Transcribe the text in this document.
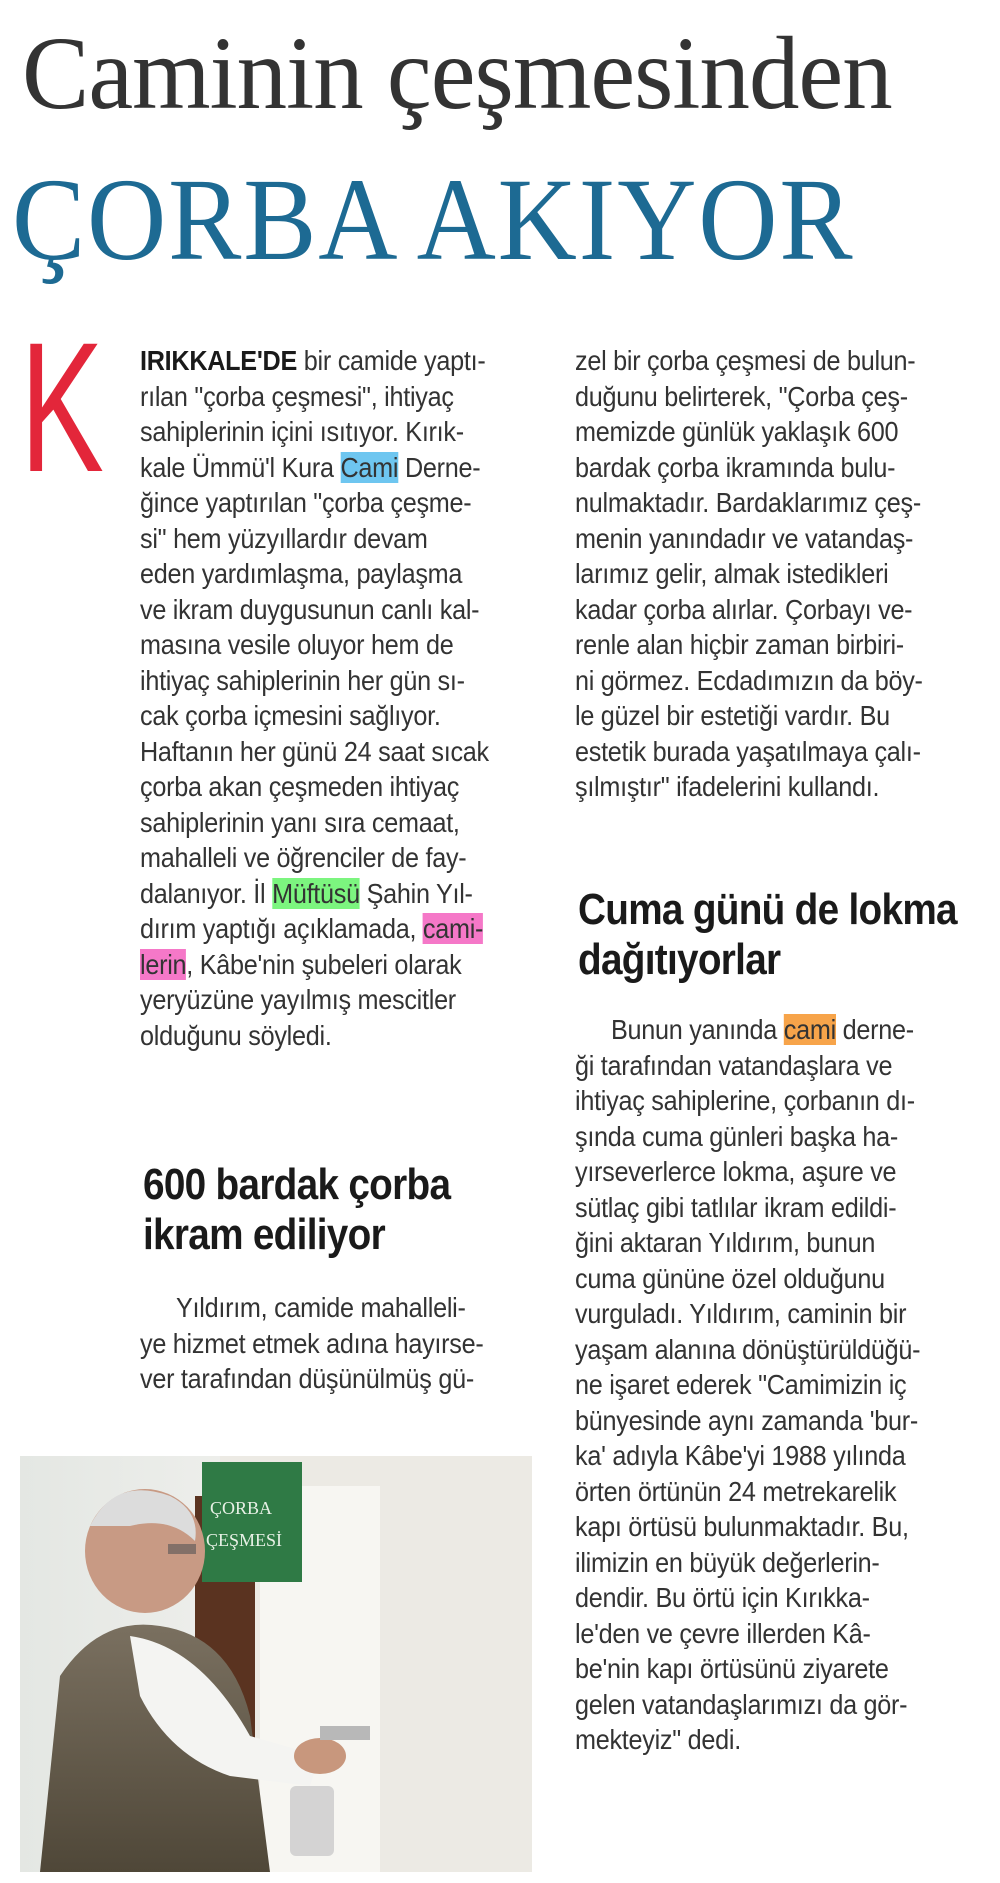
Caminin çeşmesinden
ÇORBA AKIYOR
K IRIKKALE'DE bir camide yaptı-
rılan "çorba çeşmesi", ihtiyaç
sahiplerinin içini ısıtıyor. Kırık-
kale Ümmü'l Kura Cami Derne-
ğince yaptırılan "çorba çeşme-
si" hem yüzyıllardır devam
eden yardımlaşma, paylaşma
ve ikram duygusunun canlı kal-
masına vesile oluyor hem de
ihtiyaç sahiplerinin her gün sı-
cak çorba içmesini sağlıyor.
Haftanın her günü 24 saat sıcak
çorba akan çeşmeden ihtiyaç
sahiplerinin yanı sıra cemaat,
mahalleli ve öğrenciler de fay-
dalanıyor. İl Müftüsü Şahin Yıl-
dırım yaptığı açıklamada, cami-
lerin, Kâbe'nin şubeleri olarak
yeryüzüne yayılmış mescitler
olduğunu söyledi.
600 bardak çorba
ikram ediliyor
Yıldırım, camide mahalleli-
ye hizmet etmek adına hayırse-
ver tarafından düşünülmüş gü-
zel bir çorba çeşmesi de bulun-
duğunu belirterek, "Çorba çeş-
memizde günlük yaklaşık 600
bardak çorba ikramında bulu-
nulmaktadır. Bardaklarımız çeş-
menin yanındadır ve vatandaş-
larımız gelir, almak istedikleri
kadar çorba alırlar. Çorbayı ve-
renle alan hiçbir zaman birbiri-
ni görmez. Ecdadımızın da böy-
le güzel bir estetiği vardır. Bu
estetik burada yaşatılmaya çalı-
şılmıştır" ifadelerini kullandı.
Cuma günü de lokma
dağıtıyorlar
Bunun yanında cami derne-
ği tarafından vatandaşlara ve
ihtiyaç sahiplerine, çorbanın dı-
şında cuma günleri başka ha-
yırseverlerce lokma, aşure ve
sütlaç gibi tatlılar ikram edildi-
ğini aktaran Yıldırım, bunun
cuma gününe özel olduğunu
vurguladı. Yıldırım, caminin bir
yaşam alanına dönüştürüldüğü-
ne işaret ederek "Camimizin iç
bünyesinde aynı zamanda 'bur-
ka' adıyla Kâbe'yi 1988 yılında
örten örtünün 24 metrekarelik
kapı örtüsü bulunmaktadır. Bu,
ilimizin en büyük değerlerin-
dendir. Bu örtü için Kırıkka-
le'den ve çevre illerden Kâ-
be'nin kapı örtüsünü ziyarete
gelen vatandaşlarımızı da gör-
mekteyiz" dedi.
ÇORBA
ÇEŞMESİ
